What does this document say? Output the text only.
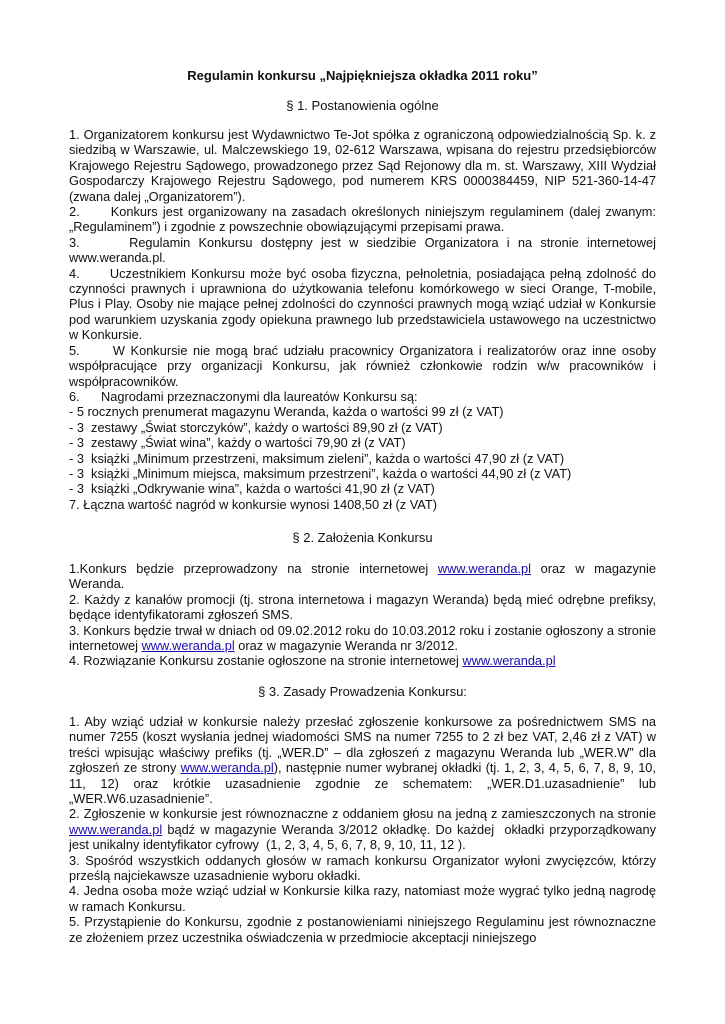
Regulamin konkursu „Najpiękniejsza okładka 2011 roku”

§ 1. Postanowienia ogólne

1. Organizatorem konkursu jest Wydawnictwo Te-Jot spółka z ograniczoną odpowiedzialnością Sp. k. z siedzibą w Warszawie, ul. Malczewskiego 19, 02-612 Warszawa, wpisana do rejestru przedsiębiorców Krajowego Rejestru Sądowego, prowadzonego przez Sąd Rejonowy dla m. st. Warszawy, XIII Wydział Gospodarczy Krajowego Rejestru Sądowego, pod numerem KRS 0000384459, NIP 521-360-14-47 (zwana dalej „Organizatorem”).

2.      Konkurs jest organizowany na zasadach określonych niniejszym regulaminem (dalej zwanym: „Regulaminem”) i zgodnie z powszechnie obowiązującymi przepisami prawa.

3.      Regulamin Konkursu dostępny jest w siedzibie Organizatora i na stronie internetowej www.weranda.pl.

4.      Uczestnikiem Konkursu może być osoba fizyczna, pełnoletnia, posiadająca pełną zdolność do czynności prawnych i uprawniona do użytkowania telefonu komórkowego w sieci Orange, T-mobile, Plus i Play. Osoby nie mające pełnej zdolności do czynności prawnych mogą wziąć udział w Konkursie pod warunkiem uzyskania zgody opiekuna prawnego lub przedstawiciela ustawowego na uczestnictwo w Konkursie.

5.      W Konkursie nie mogą brać udziału pracownicy Organizatora i realizatorów oraz inne osoby współpracujące przy organizacji Konkursu, jak również członkowie rodzin w/w pracowników i współpracowników.

6.      Nagrodami przeznaczonymi dla laureatów Konkursu są:

- 5 rocznych prenumerat magazynu Weranda, każda o wartości 99 zł (z VAT)

- 3  zestawy „Świat storczyków”, każdy o wartości 89,90 zł (z VAT)

- 3  zestawy „Świat wina”, każdy o wartości 79,90 zł (z VAT)

- 3  książki „Minimum przestrzeni, maksimum zieleni”, każda o wartości 47,90 zł (z VAT)

- 3  książki „Minimum miejsca, maksimum przestrzeni”, każda o wartości 44,90 zł (z VAT)

- 3  książki „Odkrywanie wina”, każda o wartości 41,90 zł (z VAT)

7. Łączna wartość nagród w konkursie wynosi 1408,50 zł (z VAT)

§ 2. Założenia Konkursu

1.Konkurs będzie przeprowadzony na stronie internetowej www.weranda.pl oraz w magazynie Weranda.

2. Każdy z kanałów promocji (tj. strona internetowa i magazyn Weranda) będą mieć odrębne prefiksy, będące identyfikatorami zgłoszeń SMS.

3. Konkurs będzie trwał w dniach od 09.02.2012 roku do 10.03.2012 roku i zostanie ogłoszony a stronie internetowej www.weranda.pl oraz w magazynie Weranda nr 3/2012.

4. Rozwiązanie Konkursu zostanie ogłoszone na stronie internetowej www.weranda.pl

§ 3. Zasady Prowadzenia Konkursu:

1. Aby wziąć udział w konkursie należy przesłać zgłoszenie konkursowe za pośrednictwem SMS na numer 7255 (koszt wysłania jednej wiadomości SMS na numer 7255 to 2 zł bez VAT, 2,46 zł z VAT) w treści wpisując właściwy prefiks (tj. „WER.D” – dla zgłoszeń z magazynu Weranda lub „WER.W” dla zgłoszeń ze strony www.weranda.pl), następnie numer wybranej okładki (tj. 1, 2, 3, 4, 5, 6, 7, 8, 9, 10, 11, 12) oraz krótkie uzasadnienie zgodnie ze schematem: „WER.D1.uzasadnienie” lub „WER.W6.uzasadnienie”.

2. Zgłoszenie w konkursie jest równoznaczne z oddaniem głosu na jedną z zamieszczonych na stronie www.weranda.pl bądź w magazynie Weranda 3/2012 okładkę. Do każdej  okładki przyporządkowany jest unikalny identyfikator cyfrowy  (1, 2, 3, 4, 5, 6, 7, 8, 9, 10, 11, 12 ).

3. Spośród wszystkich oddanych głosów w ramach konkursu Organizator wyłoni zwycięzców, którzy prześlą najciekawsze uzasadnienie wyboru okładki.

4. Jedna osoba może wziąć udział w Konkursie kilka razy, natomiast może wygrać tylko jedną nagrodę w ramach Konkursu.

5. Przystąpienie do Konkursu, zgodnie z postanowieniami niniejszego Regulaminu jest równoznaczne ze złożeniem przez uczestnika oświadczenia w przedmiocie akceptacji niniejszego
